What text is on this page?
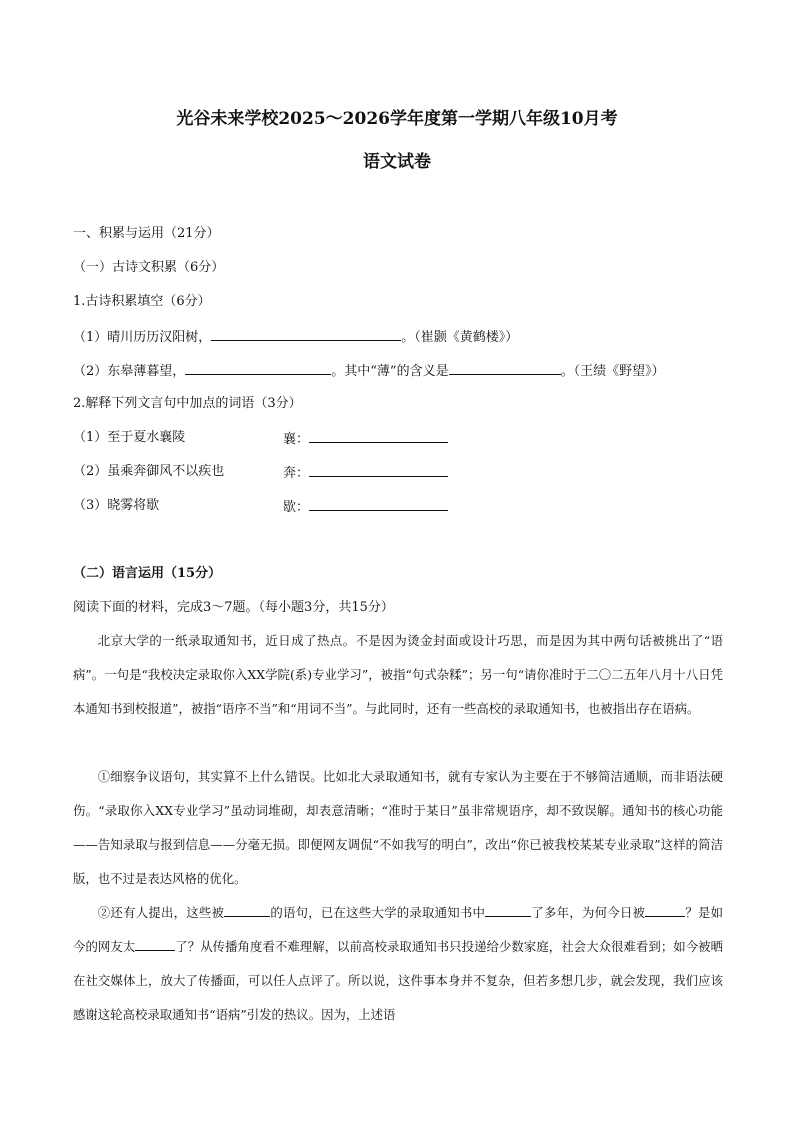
光谷未来学校2025～2026学年度第一学期八年级10月考
语文试卷
一、积累与运用（21分）
（一）古诗文积累（6分）
1.古诗积累填空（6分）
（1）晴川历历汉阳树，	。（崔颢《黄鹤楼》）
（2）东皋薄暮望，	。其中“薄”的含义是	。（王绩《野望》）
2.解释下列文言句中加点的词语（3分）
（1）至于夏水襄陵	襄：
（2）虽乘奔御风不以疾也	奔：
（3）晓雾将歇	歇：
（二）语言运用（15分）
阅读下面的材料，完成3～7题。（每小题3分，共15分）
北京大学的一纸录取通知书，近日成了热点。不是因为烫金封面或设计巧思，而是因为其中两句话被挑出了“语病”。一句是“我校决定录取你入XX学院(系)专业学习”，被指“句式杂糅”；另一句“请你准时于二〇二五年八月十八日凭本通知书到校报道”，被指“语序不当”和“用词不当”。与此同时，还有一些高校的录取通知书，也被指出存在语病。
①细察争议语句，其实算不上什么错误。比如北大录取通知书，就有专家认为主要在于不够简洁通顺，而非语法硬伤。“录取你入XX专业学习”虽动词堆砌，却表意清晰；“准时于某日”虽非常规语序，却不致误解。通知书的核心功能——告知录取与报到信息——分毫无损。即便网友调侃“不如我写的明白”，改出“你已被我校某某专业录取”这样的简洁版，也不过是表达风格的优化。
②还有人提出，这些被	的语句，已在这些大学的录取通知书中	了多年，为何今日被	？是如今的网友太	了？从传播角度看不难理解，以前高校录取通知书只投递给少数家庭，社会大众很难看到；如今被晒在社交媒体上，放大了传播面，可以任人点评了。所以说，这件事本身并不复杂，但若多想几步，就会发现，我们应该感谢这轮高校录取通知书“语病”引发的热议。因为，上述语
